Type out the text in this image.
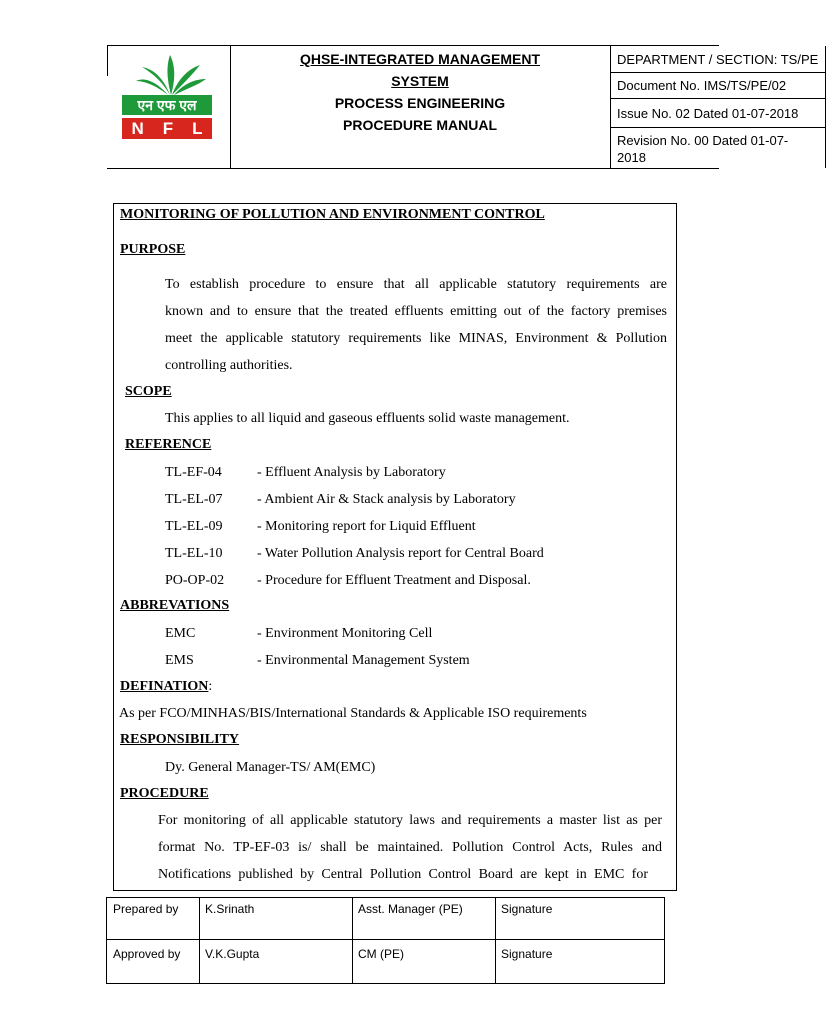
एन एफ एल
N F L
QHSE-INTEGRATED MANAGEMENT
SYSTEM
PROCESS ENGINEERING
PROCEDURE MANUAL
DEPARTMENT / SECTION: TS/PE
Document No. IMS/TS/PE/02
Issue No. 02 Dated 01-07-2018
Revision No. 00 Dated 01-07-
2018
MONITORING OF POLLUTION AND ENVIRONMENT CONTROL
PURPOSE
To establish procedure to ensure that all applicable statutory requirements are
known and to ensure that the treated effluents emitting out of the factory premises
meet the applicable statutory requirements like MINAS, Environment & Pollution
controlling authorities.
SCOPE
This applies to all liquid and gaseous effluents solid waste management.
REFERENCE
TL-EF-04	- Effluent Analysis by Laboratory
TL-EL-07 - Ambient Air & Stack analysis by Laboratory
TL-EL-09 - Monitoring report for Liquid Effluent
TL-EL-10 - Water Pollution Analysis report for Central Board
PO-OP-02 - Procedure for Effluent Treatment and Disposal.
ABBREVATIONS
EMC	- Environment Monitoring Cell
EMS	- Environmental Management System
DEFINATION:
As per FCO/MINHAS/BIS/International Standards & Applicable ISO requirements
RESPONSIBILITY
Dy. General Manager-TS/ AM(EMC)
PROCEDURE
For monitoring of all applicable statutory laws and requirements a master list as per
format No. TP-EF-03 is/ shall be maintained. Pollution Control Acts, Rules and
Notifications published by Central Pollution Control Board are kept in EMC for
Prepared by	K.Srinath	Asst. Manager (PE)	Signature
Approved by	V.K.Gupta	CM (PE)	Signature
